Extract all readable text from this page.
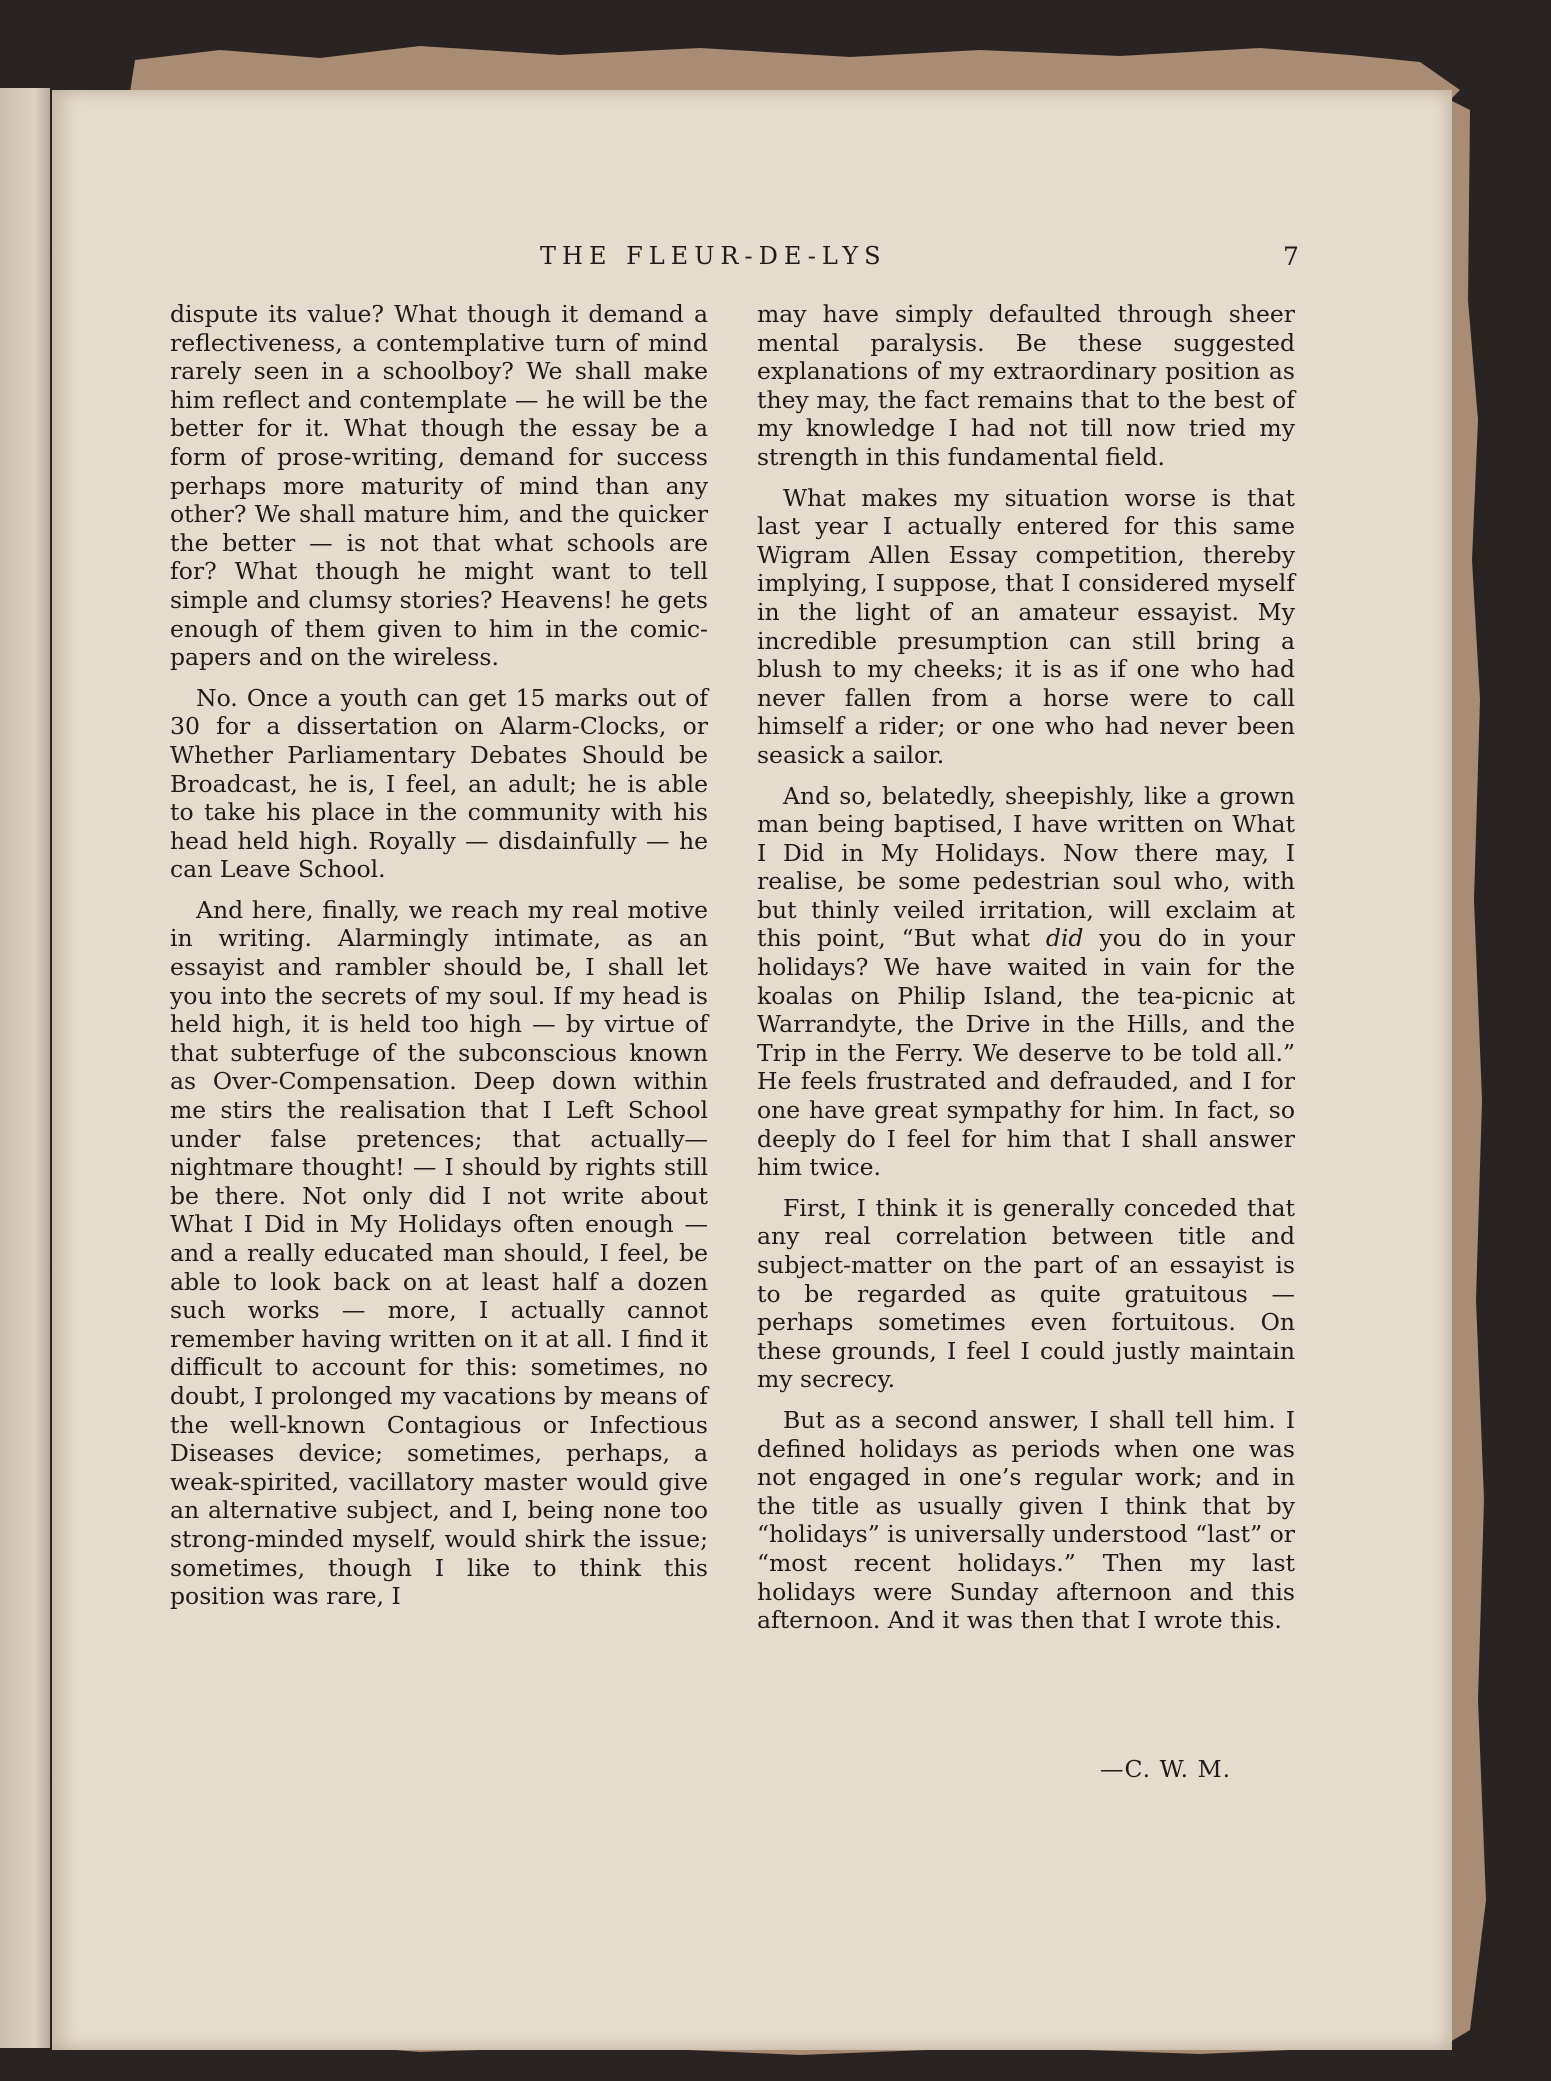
THE FLEUR-DE-LYS	7

dispute its value? What though it demand a reflectiveness, a contemplative turn of mind rarely seen in a schoolboy? We shall make him reflect and contemplate — he will be the better for it. What though the essay be a form of prose-writing, demand for success perhaps more maturity of mind than any other? We shall mature him, and the quicker the better — is not that what schools are for? What though he might want to tell simple and clumsy stories? Heavens! he gets enough of them given to him in the comic-papers and on the wireless.

No. Once a youth can get 15 marks out of 30 for a dissertation on Alarm-Clocks, or Whether Parliamentary Debates Should be Broadcast, he is, I feel, an adult; he is able to take his place in the community with his head held high. Royally — disdainfully — he can Leave School.

And here, finally, we reach my real motive in writing. Alarmingly intimate, as an essayist and rambler should be, I shall let you into the secrets of my soul. If my head is held high, it is held too high — by virtue of that subterfuge of the subconscious known as Over-Compensation. Deep down within me stirs the realisation that I Left School under false pretences; that actually— nightmare thought! — I should by rights still be there. Not only did I not write about What I Did in My Holidays often enough — and a really educated man should, I feel, be able to look back on at least half a dozen such works — more, I actually cannot remember having written on it at all. I find it difficult to account for this: sometimes, no doubt, I prolonged my vacations by means of the well-known Contagious or Infectious Diseases device; sometimes, perhaps, a weak-spirited, vacillatory master would give an alternative subject, and I, being none too strong-minded myself, would shirk the issue; sometimes, though I like to think this position was rare, I

may have simply defaulted through sheer mental paralysis. Be these suggested explanations of my extraordinary position as they may, the fact remains that to the best of my knowledge I had not till now tried my strength in this fundamental field.

What makes my situation worse is that last year I actually entered for this same Wigram Allen Essay competition, thereby implying, I suppose, that I considered myself in the light of an amateur essayist. My incredible presumption can still bring a blush to my cheeks; it is as if one who had never fallen from a horse were to call himself a rider; or one who had never been seasick a sailor.

And so, belatedly, sheepishly, like a grown man being baptised, I have written on What I Did in My Holidays. Now there may, I realise, be some pedestrian soul who, with but thinly veiled irritation, will exclaim at this point, “But what did you do in your holidays? We have waited in vain for the koalas on Philip Island, the tea-picnic at Warrandyte, the Drive in the Hills, and the Trip in the Ferry. We deserve to be told all.” He feels frustrated and defrauded, and I for one have great sympathy for him. In fact, so deeply do I feel for him that I shall answer him twice.

First, I think it is generally conceded that any real correlation between title and subject-matter on the part of an essayist is to be regarded as quite gratuitous — perhaps sometimes even fortuitous. On these grounds, I feel I could justly maintain my secrecy.

But as a second answer, I shall tell him. I defined holidays as periods when one was not engaged in one’s regular work; and in the title as usually given I think that by “holidays” is universally understood “last” or “most recent holidays.” Then my last holidays were Sunday afternoon and this afternoon. And it was then that I wrote this.

—C. W. M.
